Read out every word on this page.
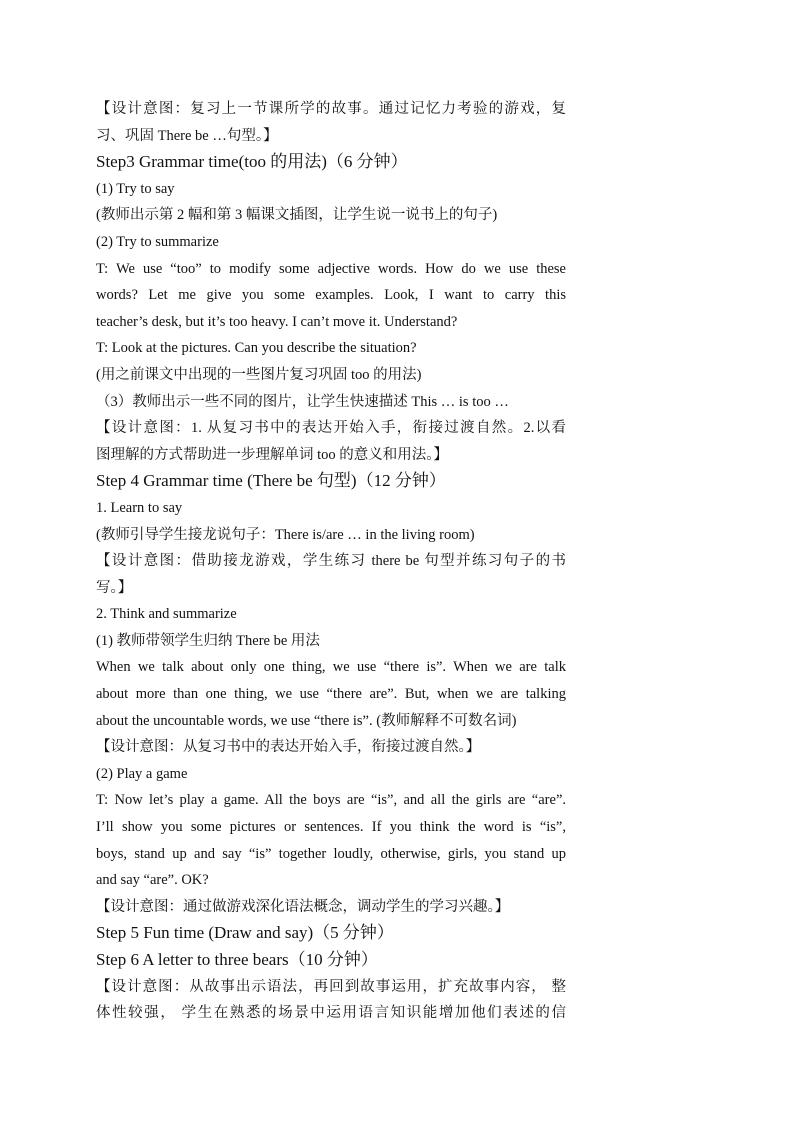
【设计意图：复习上一节课所学的故事。通过记忆力考验的游戏，复
习、巩固 There be …句型。】
Step3 Grammar time(too 的用法)（6 分钟）
(1) Try to say
(教师出示第 2 幅和第 3 幅课文插图，让学生说一说书上的句子)
(2) Try to summarize
T: We use “too” to modify some adjective words. How do we use these
words? Let me give you some examples. Look, I want to carry this
teacher’s desk, but it’s too heavy. I can’t move it. Understand?
T: Look at the pictures. Can you describe the situation?
(用之前课文中出现的一些图片复习巩固 too 的用法)
（3）教师出示一些不同的图片，让学生快速描述 This … is too …
【设计意图：1. 从复习书中的表达开始入手，衔接过渡自然。2.以看
图理解的方式帮助进一步理解单词 too 的意义和用法。】
Step 4 Grammar time (There be 句型)（12 分钟）
1. Learn to say
(教师引导学生接龙说句子：There is/are … in the living room)
【设计意图：借助接龙游戏，学生练习 there be 句型并练习句子的书
写。】
2. Think and summarize
(1) 教师带领学生归纳 There be 用法
When we talk about only one thing, we use “there is”. When we are talk
about more than one thing, we use “there are”. But, when we are talking
about the uncountable words, we use “there is”. (教师解释不可数名词)
【设计意图：从复习书中的表达开始入手，衔接过渡自然。】
(2) Play a game
T: Now let’s play a game. All the boys are “is”, and all the girls are “are”.
I’ll show you some pictures or sentences. If you think the word is “is”,
boys, stand up and say “is” together loudly, otherwise, girls, you stand up
and say “are”. OK?
【设计意图：通过做游戏深化语法概念，调动学生的学习兴趣。】
Step 5 Fun time (Draw and say)（5 分钟）
Step 6 A letter to three bears（10 分钟）
【设计意图：从故事出示语法，再回到故事运用，扩充故事内容， 整
体性较强， 学生在熟悉的场景中运用语言知识能增加他们表述的信
